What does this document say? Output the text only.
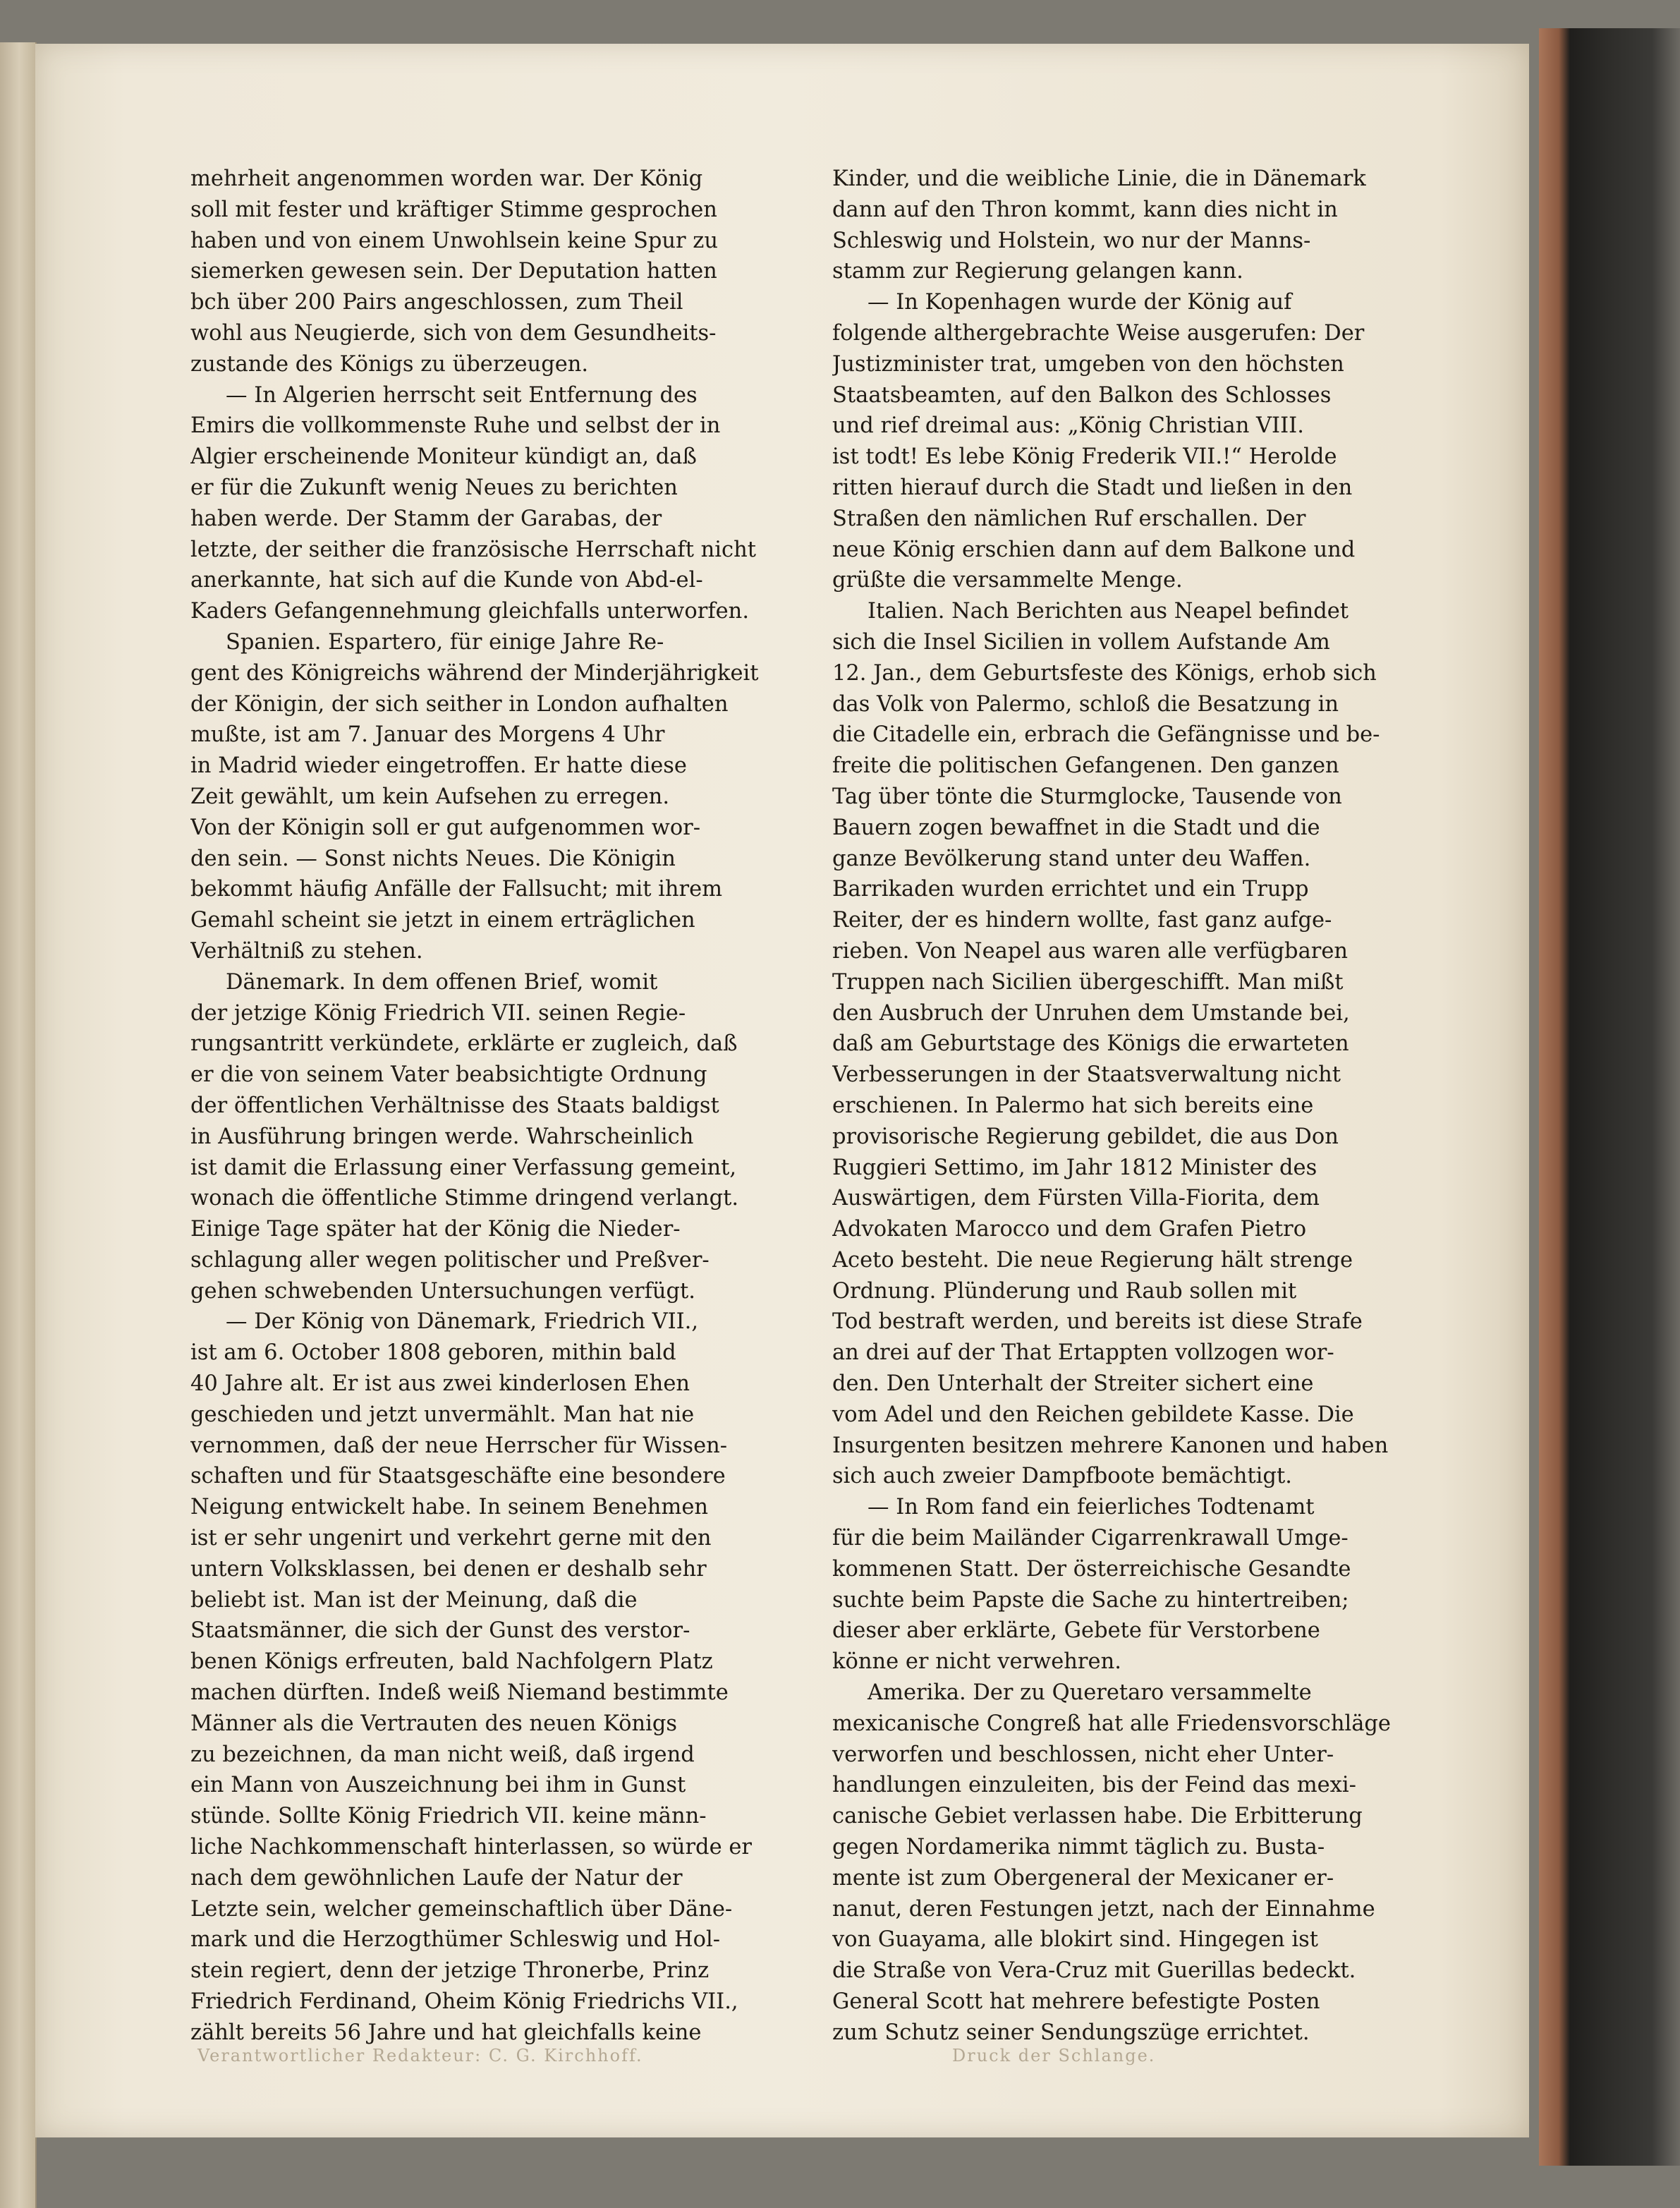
mehrheit angenommen worden war. Der König
soll mit fester und kräftiger Stimme gesprochen
haben und von einem Unwohlsein keine Spur zu
siemerken gewesen sein. Der Deputation hatten
bch über 200 Pairs angeschlossen, zum Theil
wohl aus Neugierde, sich von dem Gesundheits-
zustande des Königs zu überzeugen.
— In Algerien herrscht seit Entfernung des
Emirs die vollkommenste Ruhe und selbst der in
Algier erscheinende Moniteur kündigt an, daß
er für die Zukunft wenig Neues zu berichten
haben werde. Der Stamm der Garabas, der
letzte, der seither die französische Herrschaft nicht
anerkannte, hat sich auf die Kunde von Abd-el-
Kaders Gefangennehmung gleichfalls unterworfen.
Spanien. Espartero, für einige Jahre Re-
gent des Königreichs während der Minderjährigkeit
der Königin, der sich seither in London aufhalten
mußte, ist am 7. Januar des Morgens 4 Uhr
in Madrid wieder eingetroffen. Er hatte diese
Zeit gewählt, um kein Aufsehen zu erregen.
Von der Königin soll er gut aufgenommen wor-
den sein. — Sonst nichts Neues. Die Königin
bekommt häufig Anfälle der Fallsucht; mit ihrem
Gemahl scheint sie jetzt in einem erträglichen
Verhältniß zu stehen.
Dänemark. In dem offenen Brief, womit
der jetzige König Friedrich VII. seinen Regie-
rungsantritt verkündete, erklärte er zugleich, daß
er die von seinem Vater beabsichtigte Ordnung
der öffentlichen Verhältnisse des Staats baldigst
in Ausführung bringen werde. Wahrscheinlich
ist damit die Erlassung einer Verfassung gemeint,
wonach die öffentliche Stimme dringend verlangt.
Einige Tage später hat der König die Nieder-
schlagung aller wegen politischer und Preßver-
gehen schwebenden Untersuchungen verfügt.
— Der König von Dänemark, Friedrich VII.,
ist am 6. October 1808 geboren, mithin bald
40 Jahre alt. Er ist aus zwei kinderlosen Ehen
geschieden und jetzt unvermählt. Man hat nie
vernommen, daß der neue Herrscher für Wissen-
schaften und für Staatsgeschäfte eine besondere
Neigung entwickelt habe. In seinem Benehmen
ist er sehr ungenirt und verkehrt gerne mit den
untern Volksklassen, bei denen er deshalb sehr
beliebt ist. Man ist der Meinung, daß die
Staatsmänner, die sich der Gunst des verstor-
benen Königs erfreuten, bald Nachfolgern Platz
machen dürften. Indeß weiß Niemand bestimmte
Männer als die Vertrauten des neuen Königs
zu bezeichnen, da man nicht weiß, daß irgend
ein Mann von Auszeichnung bei ihm in Gunst
stünde. Sollte König Friedrich VII. keine männ-
liche Nachkommenschaft hinterlassen, so würde er
nach dem gewöhnlichen Laufe der Natur der
Letzte sein, welcher gemeinschaftlich über Däne-
mark und die Herzogthümer Schleswig und Hol-
stein regiert, denn der jetzige Thronerbe, Prinz
Friedrich Ferdinand, Oheim König Friedrichs VII.,
zählt bereits 56 Jahre und hat gleichfalls keine
Kinder, und die weibliche Linie, die in Dänemark
dann auf den Thron kommt, kann dies nicht in
Schleswig und Holstein, wo nur der Manns-
stamm zur Regierung gelangen kann.
— In Kopenhagen wurde der König auf
folgende althergebrachte Weise ausgerufen: Der
Justizminister trat, umgeben von den höchsten
Staatsbeamten, auf den Balkon des Schlosses
und rief dreimal aus: „König Christian VIII.
ist todt! Es lebe König Frederik VII.!“ Herolde
ritten hierauf durch die Stadt und ließen in den
Straßen den nämlichen Ruf erschallen. Der
neue König erschien dann auf dem Balkone und
grüßte die versammelte Menge.
Italien. Nach Berichten aus Neapel befindet
sich die Insel Sicilien in vollem Aufstande Am
12. Jan., dem Geburtsfeste des Königs, erhob sich
das Volk von Palermo, schloß die Besatzung in
die Citadelle ein, erbrach die Gefängnisse und be-
freite die politischen Gefangenen. Den ganzen
Tag über tönte die Sturmglocke, Tausende von
Bauern zogen bewaffnet in die Stadt und die
ganze Bevölkerung stand unter deu Waffen.
Barrikaden wurden errichtet und ein Trupp
Reiter, der es hindern wollte, fast ganz aufge-
rieben. Von Neapel aus waren alle verfügbaren
Truppen nach Sicilien übergeschifft. Man mißt
den Ausbruch der Unruhen dem Umstande bei,
daß am Geburtstage des Königs die erwarteten
Verbesserungen in der Staatsverwaltung nicht
erschienen. In Palermo hat sich bereits eine
provisorische Regierung gebildet, die aus Don
Ruggieri Settimo, im Jahr 1812 Minister des
Auswärtigen, dem Fürsten Villa-Fiorita, dem
Advokaten Marocco und dem Grafen Pietro
Aceto besteht. Die neue Regierung hält strenge
Ordnung. Plünderung und Raub sollen mit
Tod bestraft werden, und bereits ist diese Strafe
an drei auf der That Ertappten vollzogen wor-
den. Den Unterhalt der Streiter sichert eine
vom Adel und den Reichen gebildete Kasse. Die
Insurgenten besitzen mehrere Kanonen und haben
sich auch zweier Dampfboote bemächtigt.
— In Rom fand ein feierliches Todtenamt
für die beim Mailänder Cigarrenkrawall Umge-
kommenen Statt. Der österreichische Gesandte
suchte beim Papste die Sache zu hintertreiben;
dieser aber erklärte, Gebete für Verstorbene
könne er nicht verwehren.
Amerika. Der zu Queretaro versammelte
mexicanische Congreß hat alle Friedensvorschläge
verworfen und beschlossen, nicht eher Unter-
handlungen einzuleiten, bis der Feind das mexi-
canische Gebiet verlassen habe. Die Erbitterung
gegen Nordamerika nimmt täglich zu. Busta-
mente ist zum Obergeneral der Mexicaner er-
nanut, deren Festungen jetzt, nach der Einnahme
von Guayama, alle blokirt sind. Hingegen ist
die Straße von Vera-Cruz mit Guerillas bedeckt.
General Scott hat mehrere befestigte Posten
zum Schutz seiner Sendungszüge errichtet.
Verantwortlicher Redakteur: C. G. Kirchhoff.	Druck der Schlange.
